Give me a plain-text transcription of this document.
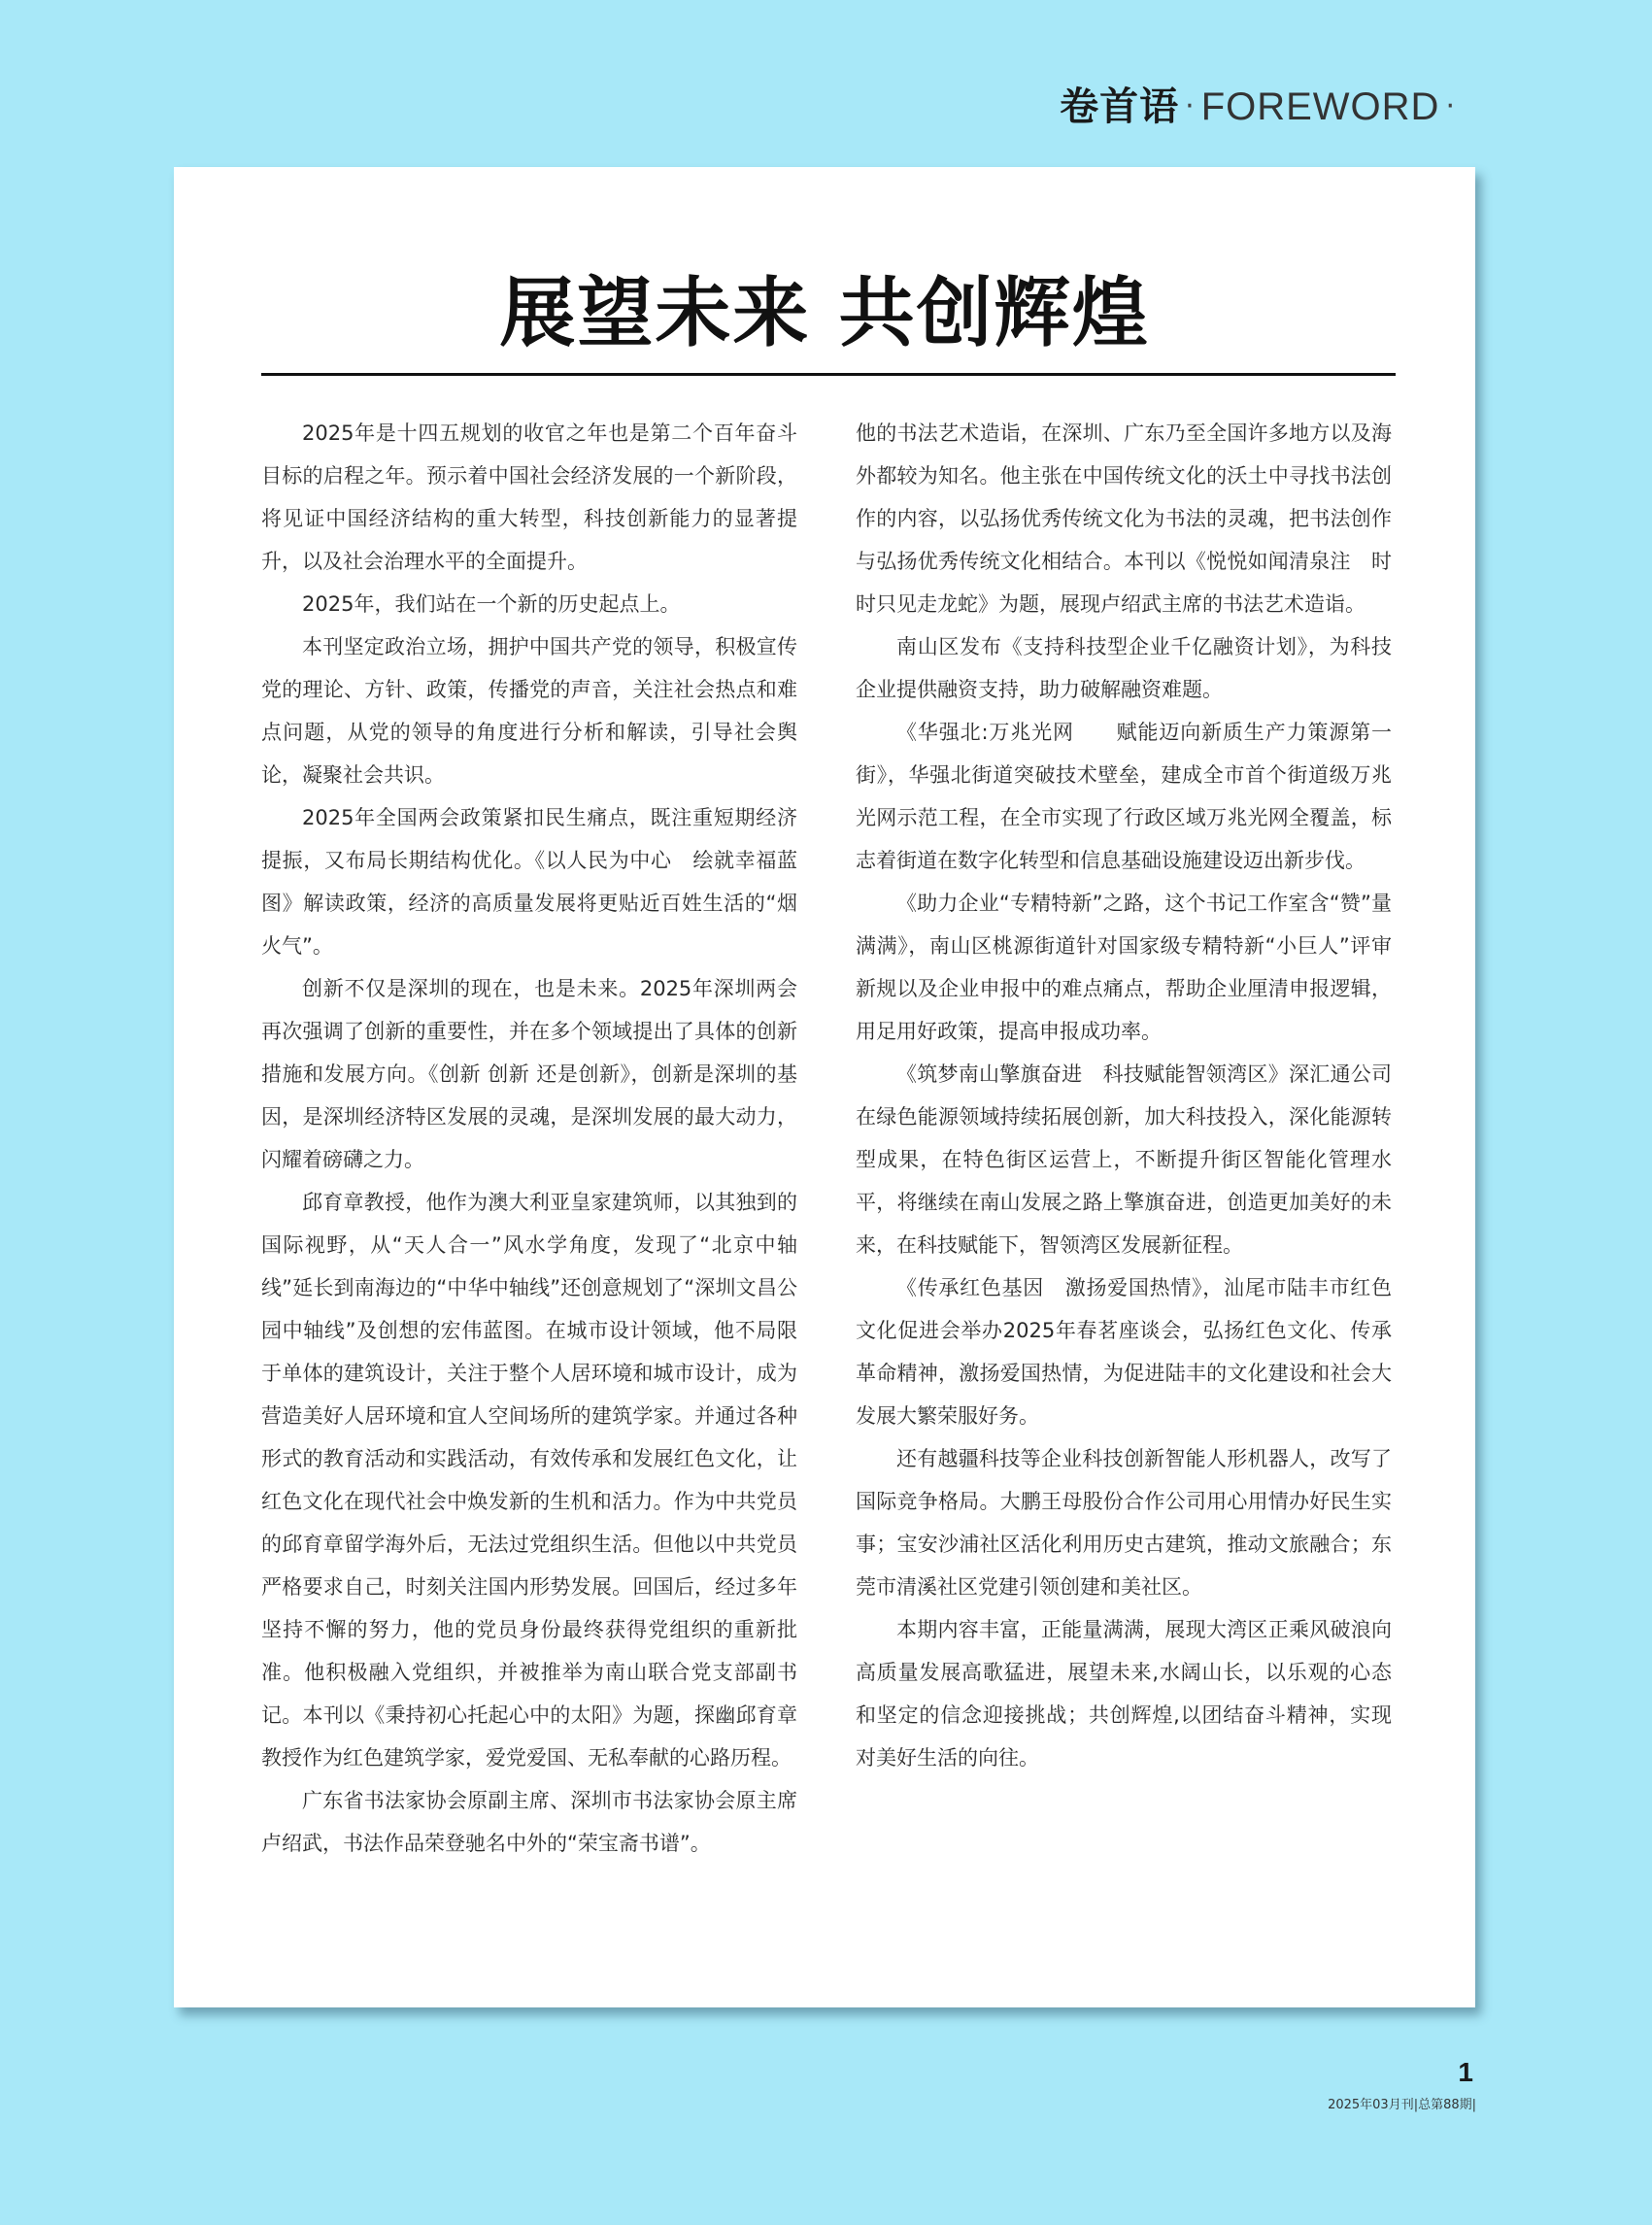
卷首语 · FOREWORD ·
展望未来 共创辉煌

2025年是十四五规划的收官之年也是第二个百年奋斗目标的启程之年。预示着中国社会经济发展的一个新阶段，将见证中国经济结构的重大转型，科技创新能力的显著提升，以及社会治理水平的全面提升。

2025年，我们站在一个新的历史起点上。

本刊坚定政治立场，拥护中国共产党的领导，积极宣传党的理论、方针、政策，传播党的声音，关注社会热点和难点问题，从党的领导的角度进行分析和解读，引导社会舆论，凝聚社会共识。

2025年全国两会政策紧扣民生痛点，既注重短期经济提振，又布局长期结构优化。《以人民为中心　绘就幸福蓝图》解读政策，经济的高质量发展将更贴近百姓生活的“烟火气”。

创新不仅是深圳的现在，也是未来。2025年深圳两会再次强调了创新的重要性，并在多个领域提出了具体的创新措施和发展方向。《创新 创新 还是创新》，创新是深圳的基因，是深圳经济特区发展的灵魂，是深圳发展的最大动力，闪耀着磅礴之力。

邱育章教授，他作为澳大利亚皇家建筑师，以其独到的国际视野，从“天人合一”风水学角度，发现了“北京中轴线”延长到南海边的“中华中轴线”还创意规划了“深圳文昌公园中轴线”及创想的宏伟蓝图。在城市设计领域，他不局限于单体的建筑设计，关注于整个人居环境和城市设计，成为营造美好人居环境和宜人空间场所的建筑学家。并通过各种形式的教育活动和实践活动，有效传承和发展红色文化，让红色文化在现代社会中焕发新的生机和活力。作为中共党员的邱育章留学海外后，无法过党组织生活。但他以中共党员严格要求自己，时刻关注国内形势发展。回国后，经过多年坚持不懈的努力，他的党员身份最终获得党组织的重新批准。他积极融入党组织，并被推举为南山联合党支部副书记。本刊以《秉持初心托起心中的太阳》为题，探幽邱育章教授作为红色建筑学家，爱党爱国、无私奉献的心路历程。

广东省书法家协会原副主席、深圳市书法家协会原主席卢绍武，书法作品荣登驰名中外的“荣宝斋书谱”。

他的书法艺术造诣，在深圳、广东乃至全国许多地方以及海外都较为知名。他主张在中国传统文化的沃土中寻找书法创作的内容，以弘扬优秀传统文化为书法的灵魂，把书法创作与弘扬优秀传统文化相结合。本刊以《悦悦如闻清泉注　时时只见走龙蛇》为题，展现卢绍武主席的书法艺术造诣。

南山区发布《支持科技型企业千亿融资计划》，为科技企业提供融资支持，助力破解融资难题。

《华强北:万兆光网　　赋能迈向新质生产力策源第一街》，华强北街道突破技术壁垒，建成全市首个街道级万兆光网示范工程，在全市实现了行政区域万兆光网全覆盖，标志着街道在数字化转型和信息基础设施建设迈出新步伐。

《助力企业“专精特新”之路，这个书记工作室含“赞”量满满》，南山区桃源街道针对国家级专精特新“小巨人”评审新规以及企业申报中的难点痛点，帮助企业厘清申报逻辑，用足用好政策，提高申报成功率。

《筑梦南山擎旗奋进　科技赋能智领湾区》深汇通公司在绿色能源领域持续拓展创新，加大科技投入，深化能源转型成果，在特色街区运营上，不断提升街区智能化管理水平，将继续在南山发展之路上擎旗奋进，创造更加美好的未来，在科技赋能下，智领湾区发展新征程。

《传承红色基因　激扬爱国热情》，汕尾市陆丰市红色文化促进会举办2025年春茗座谈会，弘扬红色文化、传承革命精神，激扬爱国热情，为促进陆丰的文化建设和社会大发展大繁荣服好务。

还有越疆科技等企业科技创新智能人形机器人，改写了国际竞争格局。大鹏王母股份合作公司用心用情办好民生实事；宝安沙浦社区活化利用历史古建筑，推动文旅融合；东莞市清溪社区党建引领创建和美社区。

本期内容丰富，正能量满满，展现大湾区正乘风破浪向高质量发展高歌猛进，展望未来,水阔山长，以乐观的心态和坚定的信念迎接挑战；共创辉煌,以团结奋斗精神，实现对美好生活的向往。

1
2025年03月刊|总第88期|
